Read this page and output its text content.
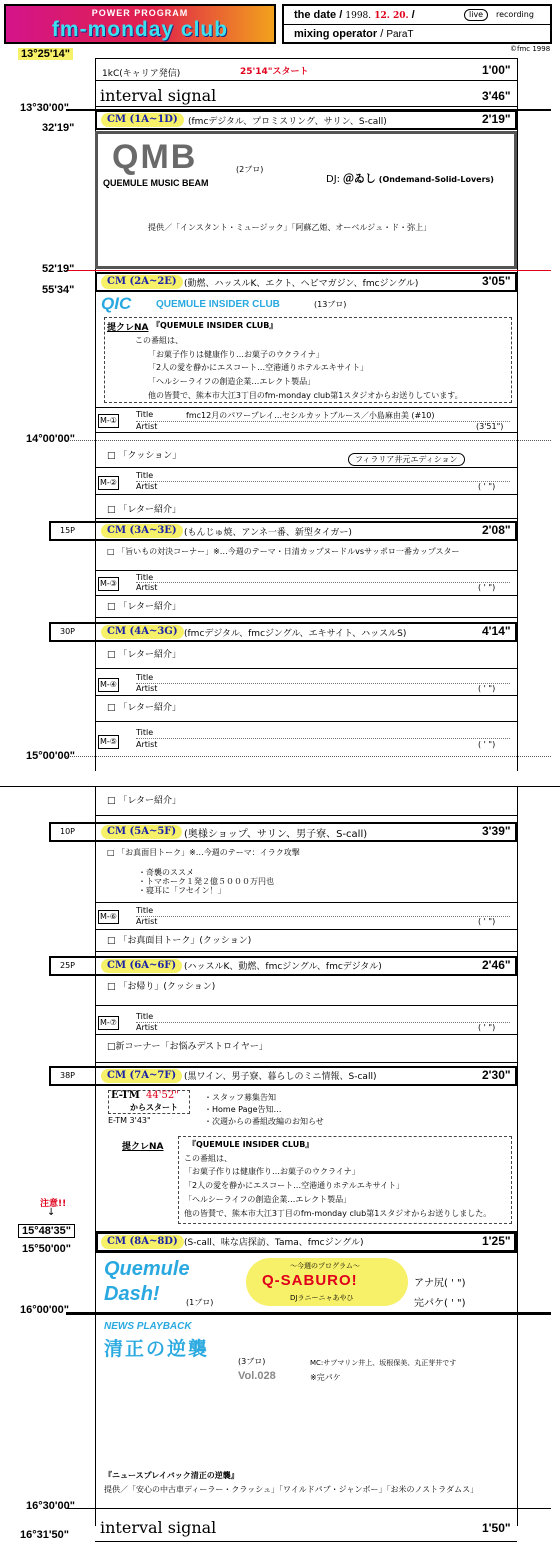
POWER PROGRAM
fm-monday club
the date / 1998. 12. 20. /	live	recording
mixing operator / ParaT
©fmc 1998
13°25'14"
1kC(キャリア発信)	25'14"スタート	1'00"
interval signal	3'46"
13°30'00"
32'19"
CM (1A~1D)	(fmcデジタル、プロミスリング、サリン、S-call)	2'19"
QMB
QUEMULE MUSIC BEAM
(2ブロ)
DJ: ＠ゐし (Ondemand-Solid-Lovers)
提供／「インスタント・ミュージック」「阿蘇乙姫、オーベルジュ・ド・弥上」
52'19"
55'34"
CM (2A~2E) (動燃、ハッスルK、エクト、ヘビマガジン、fmcジングル)	3'05"
QIC QUEMULE INSIDER CLUB	(13ブロ)
提クレNA 『QUEMULE INSIDER CLUB』
この番組は、
「お菓子作りは健康作り…お菓子のウクライナ」
「2人の愛を静かにエスコート…空港通りホテルエキサイト」
「ヘルシーライフの創造企業…エレクト製品」
他の皆賛で、熊本市大江3丁目のfm-monday club第1スタジオからお送りしています。
M-①
Title	fmc12月のパワープレイ…セシルカットブルース／小島麻由美 (#10)
Artist	(3'51")
14°00'00"
□ 「クッション」	フィラリア井元エディション
M-②
Title
Artist	( ' ")
□ 「レター紹介」
15P	CM (3A~3E) (もんじゅ焼、アンネ一番、新型タイガー)	2'08"
□ 「旨いもの対決コーナー」※…今週のテーマ・日清カップヌードルvsサッポロ一番カップスター
M-③
Title
Artist	( ' ")
□ 「レター紹介」
30P	CM (4A~3G) (fmcデジタル、fmcジングル、エキサイト、ハッスルS)	4'14"
□ 「レター紹介」
M-④
Title
Artist	( ' ")
□ 「レター紹介」
M-⑤
Title
Artist	( ' ")
15°00'00"
□ 「レター紹介」
10P	CM (5A~5F) (奥様ショップ、サリン、男子寮、S-call)	3'39"
□ 「お真面目トーク」※…今週のテーマ：イラク攻撃
・奇襲のススメ
・トマホーク１発２億５０００万円也
・寝耳に「フセイン！」
M-⑥
Title
Artist	( ' ")
□ 「お真面目トーク」(クッション)
25P	CM (6A~6F) (ハッスルK、動燃、fmcジングル、fmcデジタル)	2'46"
□ 「お帰り」(クッション)
M-⑦
Title
Artist	( ' ")
□新コーナー「お悩みデストロイヤー」
38P	CM (7A~7F) (黒ワイン、男子寮、暮らしのミニ情報、S-call)	2'30"
E-TM 44'52"
からスタート
E-TM 3'43"
・スタッフ募集告知
・Home Page告知…
・次週からの番組改編のお知らせ
提クレNA	『QUEMULE INSIDER CLUB』
この番組は、
「お菓子作りは健康作り…お菓子のウクライナ」
「2人の愛を静かにエスコート…空港通りホテルエキサイト」
「ヘルシーライフの創造企業…エレクト製品」
他の皆賛で、熊本市大江3丁目のfm-monday club第1スタジオからお送りしました。
注意!!
↓
15°48'35"
15°50'00"
CM (8A~8D) (S-call、味な店探訪、Tama、fmcジングル)	1'25"
Quemule
Dash!	(1ブロ)
〜今週のプログラム〜
Q-SABURO!
DJラニーニャあやひ
アナ尻( ' ")
完パケ( ' ")
16°00'00"
NEWS PLAYBACK
清正の逆襲
(3ブロ)
Vol.028
MC:サブマリン井上、坂根保美、丸正芽井です
※完パケ
『ニュースプレイバック清正の逆襲』
提供／「安心の中古車ディーラー・クラッシュ」「ワイルドパブ・ジャンボー」「お米のノストラダムス」
16°30'00"
16°31'50" interval signal	1'50"
